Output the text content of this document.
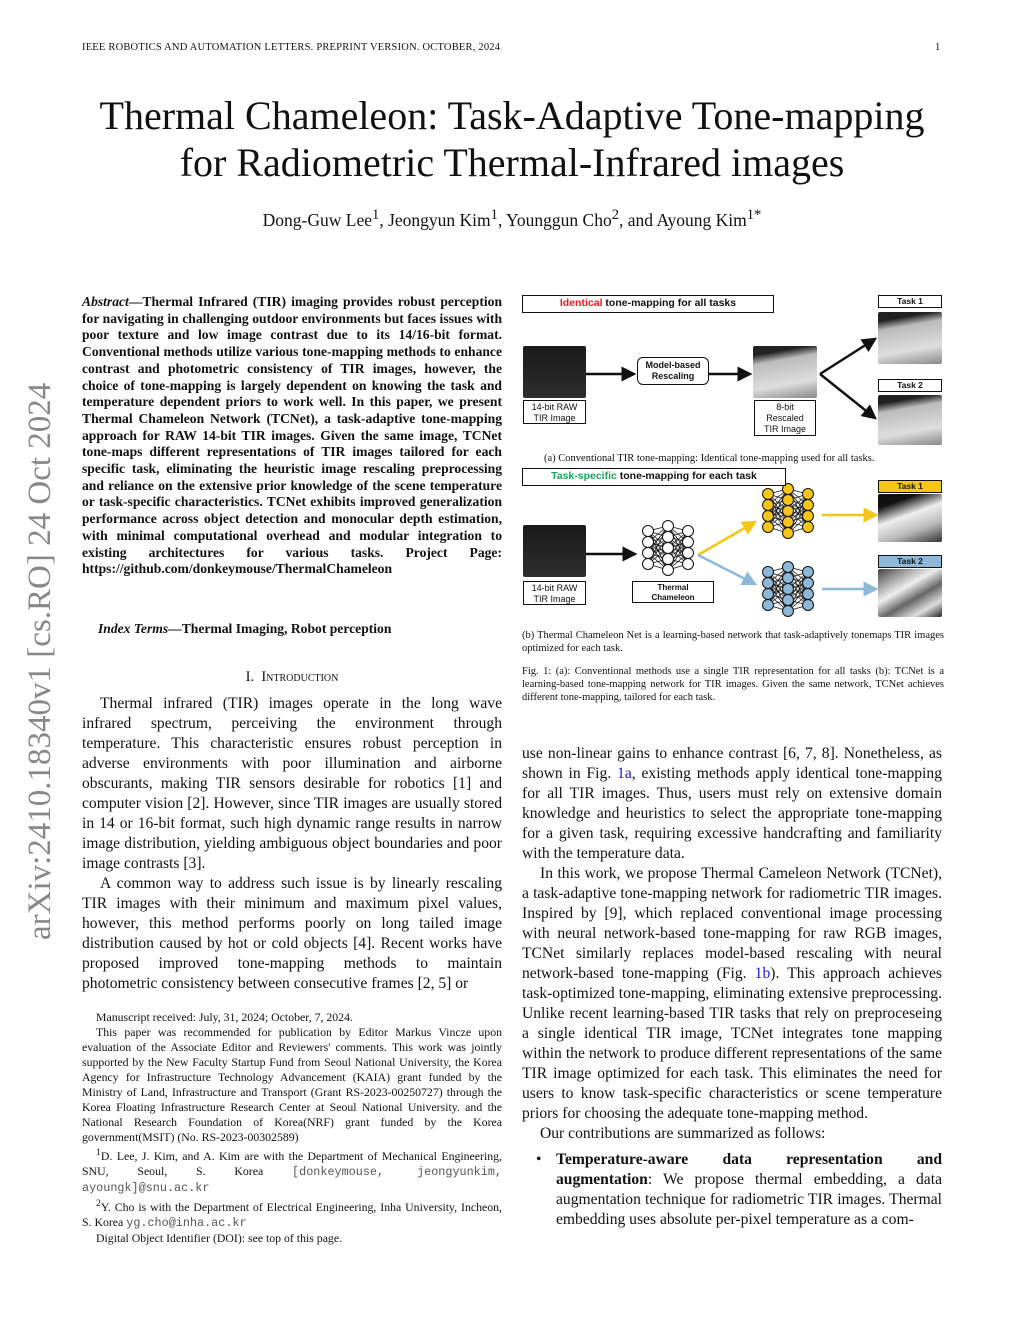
IEEE ROBOTICS AND AUTOMATION LETTERS. PREPRINT VERSION. OCTOBER, 2024	1
arXiv:2410.18340v1 [cs.RO] 24 Oct 2024
Thermal Chameleon: Task-Adaptive Tone-mapping for Radiometric Thermal-Infrared images
Dong-Guw Lee$^1$, Jeongyun Kim$^1$, Younggun Cho$^2$, and Ayoung Kim$^{1*}$
Abstract—Thermal Infrared (TIR) imaging provides robust perception for navigating in challenging outdoor environments but faces issues with poor texture and low image contrast due to its 14/16-bit format. Conventional methods utilize various tone-mapping methods to enhance contrast and photometric consistency of TIR images, however, the choice of tone-mapping is largely dependent on knowing the task and temperature dependent priors to work well. In this paper, we present Thermal Chameleon Network (TCNet), a task-adaptive tone-mapping approach for RAW 14-bit TIR images. Given the same image, TCNet tone-maps different representations of TIR images tailored for each specific task, eliminating the heuristic image rescaling preprocessing and reliance on the extensive prior knowledge of the scene temperature or task-specific characteristics. TCNet exhibits improved generalization performance across object detection and monocular depth estimation, with minimal computational overhead and modular integration to existing architectures for various tasks. Project Page: https://github.com/donkeymouse/ThermalChameleon
Index Terms—Thermal Imaging, Robot perception
I. Introduction

Thermal infrared (TIR) images operate in the long wave infrared spectrum, perceiving the environment through temperature. This characteristic ensures robust perception in adverse environments with poor illumination and airborne obscurants, making TIR sensors desirable for robotics [1] and computer vision [2]. However, since TIR images are usually stored in 14 or 16-bit format, such high dynamic range results in narrow image distribution, yielding ambiguous object boundaries and poor image contrasts [3].

A common way to address such issue is by linearly rescaling TIR images with their minimum and maximum pixel values, however, this method performs poorly on long tailed image distribution caused by hot or cold objects [4]. Recent works have proposed improved tone-mapping methods to maintain photometric consistency between consecutive frames [2, 5] or

Manuscript received: July, 31, 2024; October, 7, 2024.

This paper was recommended for publication by Editor Markus Vincze upon evaluation of the Associate Editor and Reviewers' comments. This work was jointly supported by the New Faculty Startup Fund from Seoul National University, the Korea Agency for Infrastructure Technology Advancement (KAIA) grant funded by the Ministry of Land, Infrastructure and Transport (Grant RS-2023-00250727) through the Korea Floating Infrastructure Research Center at Seoul National University. and the National Research Foundation of Korea(NRF) grant funded by the Korea government(MSIT) (No. RS-2023-00302589)

$^1$D. Lee, J. Kim, and A. Kim are with the Department of Mechanical Engineering, SNU, Seoul, S. Korea [donkeymouse, jeongyunkim, ayoungk]@snu.ac.kr

$^2$Y. Cho is with the Department of Electrical Engineering, Inha University, Incheon, S. Korea yg.cho@inha.ac.kr

Digital Object Identifier (DOI): see top of this page.

Identical tone-mapping for all tasks
14-bit RAW TIR Image
Model-based Rescaling
8-bit Rescaled TIR Image
Task 1
Task 2
(a) Conventional TIR tone-mapping: Identical tone-mapping used for all tasks.
Task-specific tone-mapping for each task
14-bit RAW TIR Image
Thermal Chameleon
Task 1
Task 2
(b) Thermal Chameleon Net is a learning-based network that task-adaptively tonemaps TIR images optimized for each task.
Fig. 1: (a): Conventional methods use a single TIR representation for all tasks (b): TCNet is a learning-based tone-mapping network for TIR images. Given the same network, TCNet achieves different tone-mapping, tailored for each task.

use non-linear gains to enhance contrast [6, 7, 8]. Nonetheless, as shown in Fig. 1a, existing methods apply identical tone-mapping for all TIR images. Thus, users must rely on extensive domain knowledge and heuristics to select the appropriate tone-mapping for a given task, requiring excessive handcrafting and familiarity with the temperature data.

In this work, we propose Thermal Cameleon Network (TCNet), a task-adaptive tone-mapping network for radiometric TIR images. Inspired by [9], which replaced conventional image processing with neural network-based tone-mapping for raw RGB images, TCNet similarly replaces model-based rescaling with neural network-based tone-mapping (Fig. 1b). This approach achieves task-optimized tone-mapping, eliminating extensive preprocessing. Unlike recent learning-based TIR tasks that rely on preproceseing a single identical TIR image, TCNet integrates tone mapping within the network to produce different representations of the same TIR image optimized for each task. This eliminates the need for users to know task-specific characteristics or scene temperature priors for choosing the adequate tone-mapping method.

Our contributions are summarized as follows:

• Temperature-aware data representation and augmentation: We propose thermal embedding, a data augmentation technique for radiometric TIR images. Thermal embedding uses absolute per-pixel temperature as a com-
